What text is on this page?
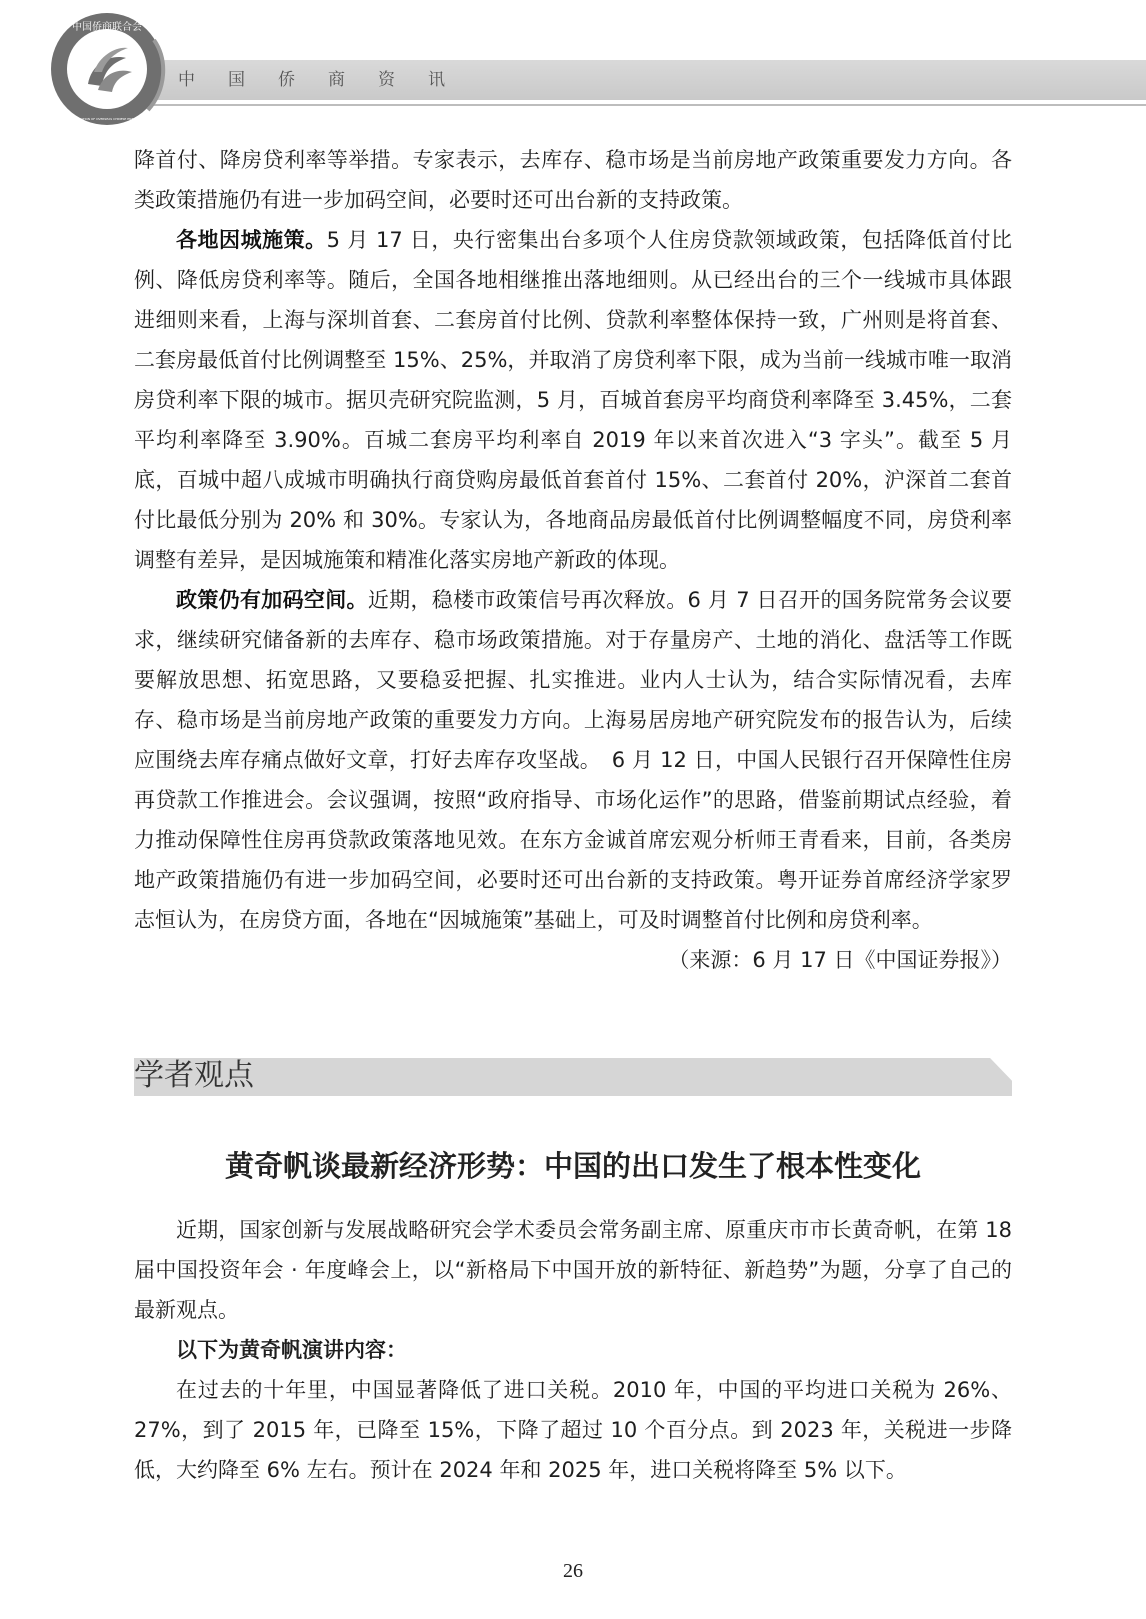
中国侨商资讯
中国侨商联合会
CHINA FEDERATION OF OVERSEAS CHINESE ENTREPRENEURS

降首付、降房贷利率等举措。专家表示，去库存、稳市场是当前房地产政策重要发力方向。各类政策措施仍有进一步加码空间，必要时还可出台新的支持政策。

各地因城施策。5 月 17 日，央行密集出台多项个人住房贷款领域政策，包括降低首付比例、降低房贷利率等。随后，全国各地相继推出落地细则。从已经出台的三个一线城市具体跟进细则来看，上海与深圳首套、二套房首付比例、贷款利率整体保持一致，广州则是将首套、二套房最低首付比例调整至 15%、25%，并取消了房贷利率下限，成为当前一线城市唯一取消房贷利率下限的城市。据贝壳研究院监测，5 月，百城首套房平均商贷利率降至 3.45%，二套平均利率降至 3.90%。百城二套房平均利率自 2019 年以来首次进入“3 字头”。截至 5 月底，百城中超八成城市明确执行商贷购房最低首套首付 15%、二套首付 20%，沪深首二套首付比最低分别为 20% 和 30%。专家认为，各地商品房最低首付比例调整幅度不同，房贷利率调整有差异，是因城施策和精准化落实房地产新政的体现。

政策仍有加码空间。近期，稳楼市政策信号再次释放。6 月 7 日召开的国务院常务会议要求，继续研究储备新的去库存、稳市场政策措施。对于存量房产、土地的消化、盘活等工作既要解放思想、拓宽思路，又要稳妥把握、扎实推进。业内人士认为，结合实际情况看，去库存、稳市场是当前房地产政策的重要发力方向。上海易居房地产研究院发布的报告认为，后续应围绕去库存痛点做好文章，打好去库存攻坚战。　6 月 12 日，中国人民银行召开保障性住房再贷款工作推进会。会议强调，按照“政府指导、市场化运作”的思路，借鉴前期试点经验，着力推动保障性住房再贷款政策落地见效。在东方金诚首席宏观分析师王青看来，目前，各类房地产政策措施仍有进一步加码空间，必要时还可出台新的支持政策。粤开证券首席经济学家罗志恒认为，在房贷方面，各地在“因城施策”基础上，可及时调整首付比例和房贷利率。
（来源：6 月 17 日《中国证券报》）

学者观点
黄奇帆谈最新经济形势：中国的出口发生了根本性变化

近期，国家创新与发展战略研究会学术委员会常务副主席、原重庆市市长黄奇帆，在第 18 届中国投资年会 · 年度峰会上，以“新格局下中国开放的新特征、新趋势”为题，分享了自己的最新观点。

以下为黄奇帆演讲内容：

在过去的十年里，中国显著降低了进口关税。2010 年，中国的平均进口关税为 26%、27%，到了 2015 年，已降至 15%，下降了超过 10 个百分点。到 2023 年，关税进一步降低，大约降至 6% 左右。预计在 2024 年和 2025 年，进口关税将降至 5% 以下。

26
